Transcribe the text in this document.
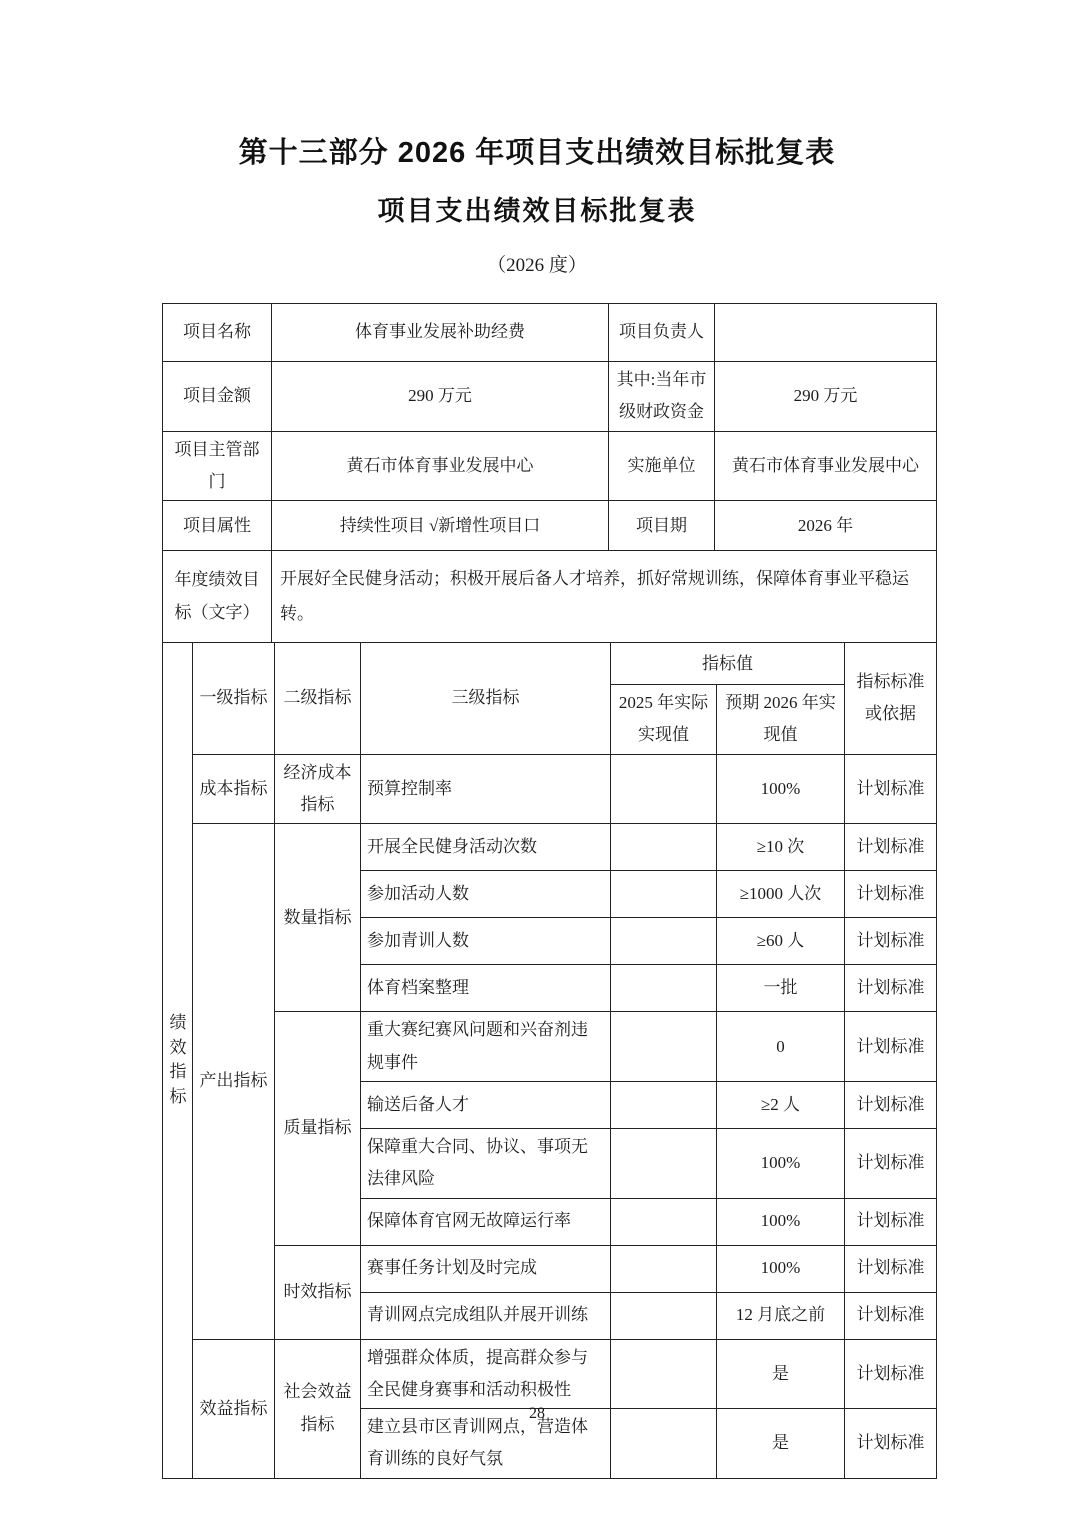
第十三部分 2026 年项目支出绩效目标批复表
项目支出绩效目标批复表
（2026 度）
项目名称	体育事业发展补助经费	项目负责人	
项目金额	290 万元	其中:当年市级财政资金	290 万元
项目主管部门	黄石市体育事业发展中心	实施单位	黄石市体育事业发展中心
项目属性	持续性项目 √新增性项目口	项目期	2026 年
年度绩效目标（文字）	开展好全民健身活动；积极开展后备人才培养，抓好常规训练，保障体育事业平稳运转。		
绩效指标	一级指标	二级指标	三级指标	指标值		指标标准或依据
				2025 年实际实现值	预期 2026 年实现值	
	成本指标	经济成本指标	预算控制率		100%	计划标准
	产出指标	数量指标	开展全民健身活动次数		≥10 次	计划标准
			参加活动人数		≥1000 人次	计划标准
			参加青训人数		≥60 人	计划标准
			体育档案整理		一批	计划标准
		质量指标	重大赛纪赛风问题和兴奋剂违规事件		0	计划标准
			输送后备人才		≥2 人	计划标准
			保障重大合同、协议、事项无法律风险		100%	计划标准
			保障体育官网无故障运行率		100%	计划标准
		时效指标	赛事任务计划及时完成		100%	计划标准
			青训网点完成组队并展开训练		12 月底之前	计划标准
	效益指标	社会效益指标	增强群众体质，提高群众参与全民健身赛事和活动积极性		是	计划标准
			建立县市区青训网点，营造体育训练的良好气氛		是	计划标准
28
